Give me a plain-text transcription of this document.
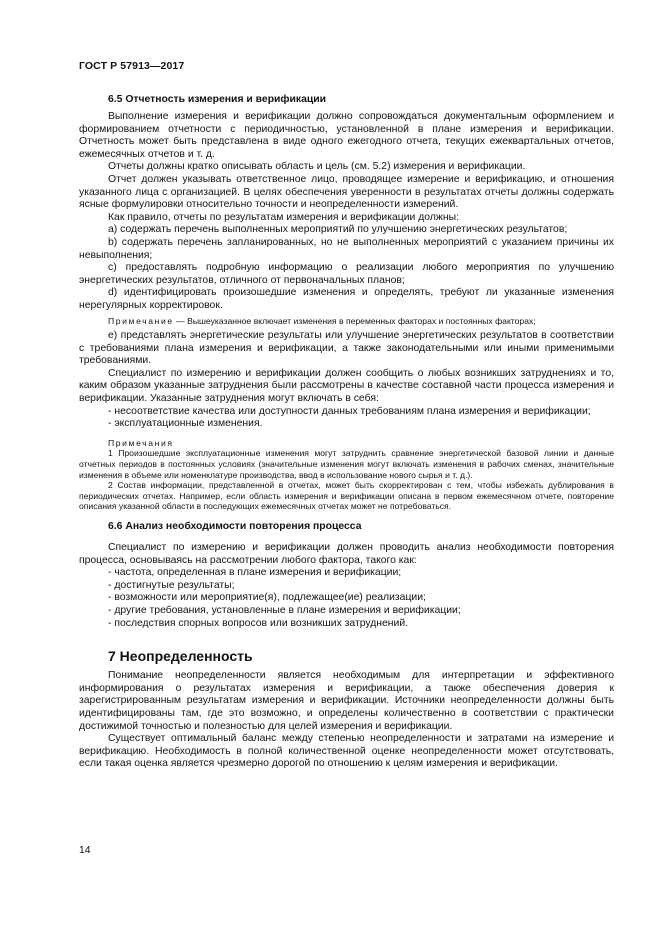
ГОСТ Р 57913—2017
6.5 Отчетность измерения и верификации

Выполнение измерения и верификации должно сопровождаться документальным оформлением и формированием отчетности с периодичностью, установленной в плане измерения и верификации. Отчетность может быть представлена в виде одного ежегодного отчета, текущих ежеквартальных отчетов, ежемесячных отчетов и т. д.

Отчеты должны кратко описывать область и цель (см. 5.2) измерения и верификации.

Отчет должен указывать ответственное лицо, проводящее измерение и верификацию, и отношения указанного лица с организацией. В целях обеспечения уверенности в результатах отчеты должны содержать ясные формулировки относительно точности и неопределенности измерений.

Как правило, отчеты по результатам измерения и верификации должны:

а) содержать перечень выполненных мероприятий по улучшению энергетических результатов;

b) содержать перечень запланированных, но не выполненных мероприятий с указанием причины их невыполнения;

с) предоставлять подробную информацию о реализации любого мероприятия по улучшению энергетических результатов, отличного от первоначальных планов;

d) идентифицировать произошедшие изменения и определять, требуют ли указанные изменения нерегулярных корректировок.

Примечание — Вышеуказанное включает изменения в переменных факторах и постоянных факторах;

е) представлять энергетические результаты или улучшение энергетических результатов в соответствии с требованиями плана измерения и верификации, а также законодательными или иными применимыми требованиями.

Специалист по измерению и верификации должен сообщить о любых возникших затруднениях и то, каким образом указанные затруднения были рассмотрены в качестве составной части процесса измерения и верификации. Указанные затруднения могут включать в себя:

- несоответствие качества или доступности данных требованиям плана измерения и верификации;

- эксплуатационные изменения.

Примечания

1 Произошедшие эксплуатационные изменения могут затруднить сравнение энергетической базовой линии и данные отчетных периодов в постоянных условиях (значительные изменения могут включать изменения в рабочих сменах, значительные изменения в объеме или номенклатуре производства, ввод в использование нового сырья и т. д.).

2 Состав информации, представленной в отчетах, может быть скорректирован с тем, чтобы избежать дублирования в периодических отчетах. Например, если область измерения и верификации описана в первом ежемесячном отчете, повторение описания указанной области в последующих ежемесячных отчетах может не потребоваться.

6.6 Анализ необходимости повторения процесса

Специалист по измерению и верификации должен проводить анализ необходимости повторения процесса, основываясь на рассмотрении любого фактора, такого как:

- частота, определенная в плане измерения и верификации;

- достигнутые результаты;

- возможности или мероприятие(я), подлежащее(ие) реализации;

- другие требования, установленные в плане измерения и верификации;

- последствия спорных вопросов или возникших затруднений.

7 Неопределенность

Понимание неопределенности является необходимым для интерпретации и эффективного информирования о результатах измерения и верификации, а также обеспечения доверия к зарегистрированным результатам измерения и верификации. Источники неопределенности должны быть идентифицированы там, где это возможно, и определены количественно в соответствии с практически достижимой точностью и полезностью для целей измерения и верификации.

Существует оптимальный баланс между степенью неопределенности и затратами на измерение и верификацию. Необходимость в полной количественной оценке неопределенности может отсутствовать, если такая оценка является чрезмерно дорогой по отношению к целям измерения и верификации.

14
